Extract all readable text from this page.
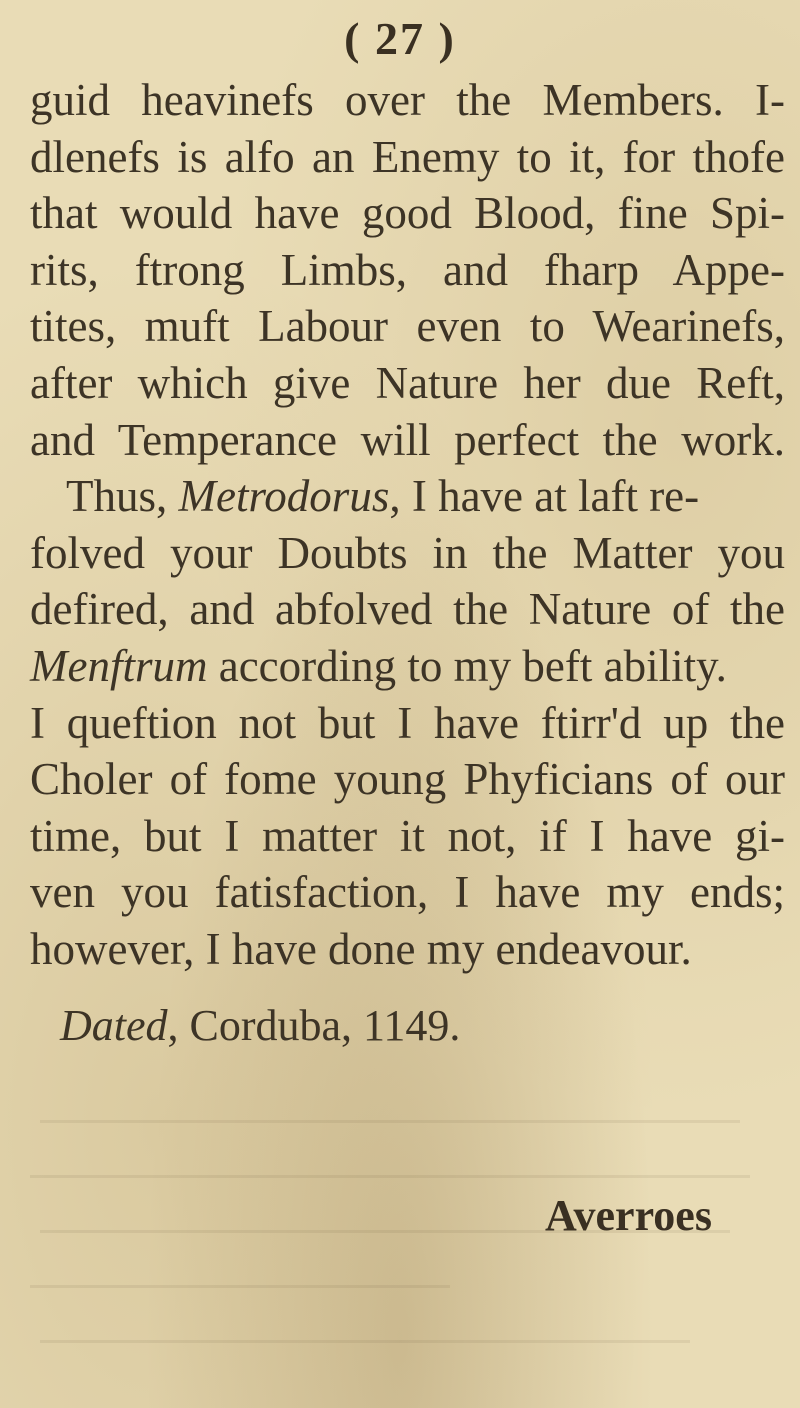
( 27 )
guid heavinefs over the Members. I-
dlenefs is alfo an Enemy to it, for thofe
that would have good Blood, fine Spi-
rits, ftrong Limbs, and fharp Appe-
tites, muft Labour even to Wearinefs,
after which give Nature her due Reft,
and Temperance will perfect the work.
Thus, Metrodorus, I have at laft re-
folved your Doubts in the Matter you
defired, and abfolved the Nature of the
Menftrum according to my beft ability.
I queftion not but I have ftirr'd up the
Choler of fome young Phyficians of our
time, but I matter it not, if I have gi-
ven you fatisfaction, I have my ends;
however, I have done my endeavour.
Dated, Corduba, 1149.
Averroes
